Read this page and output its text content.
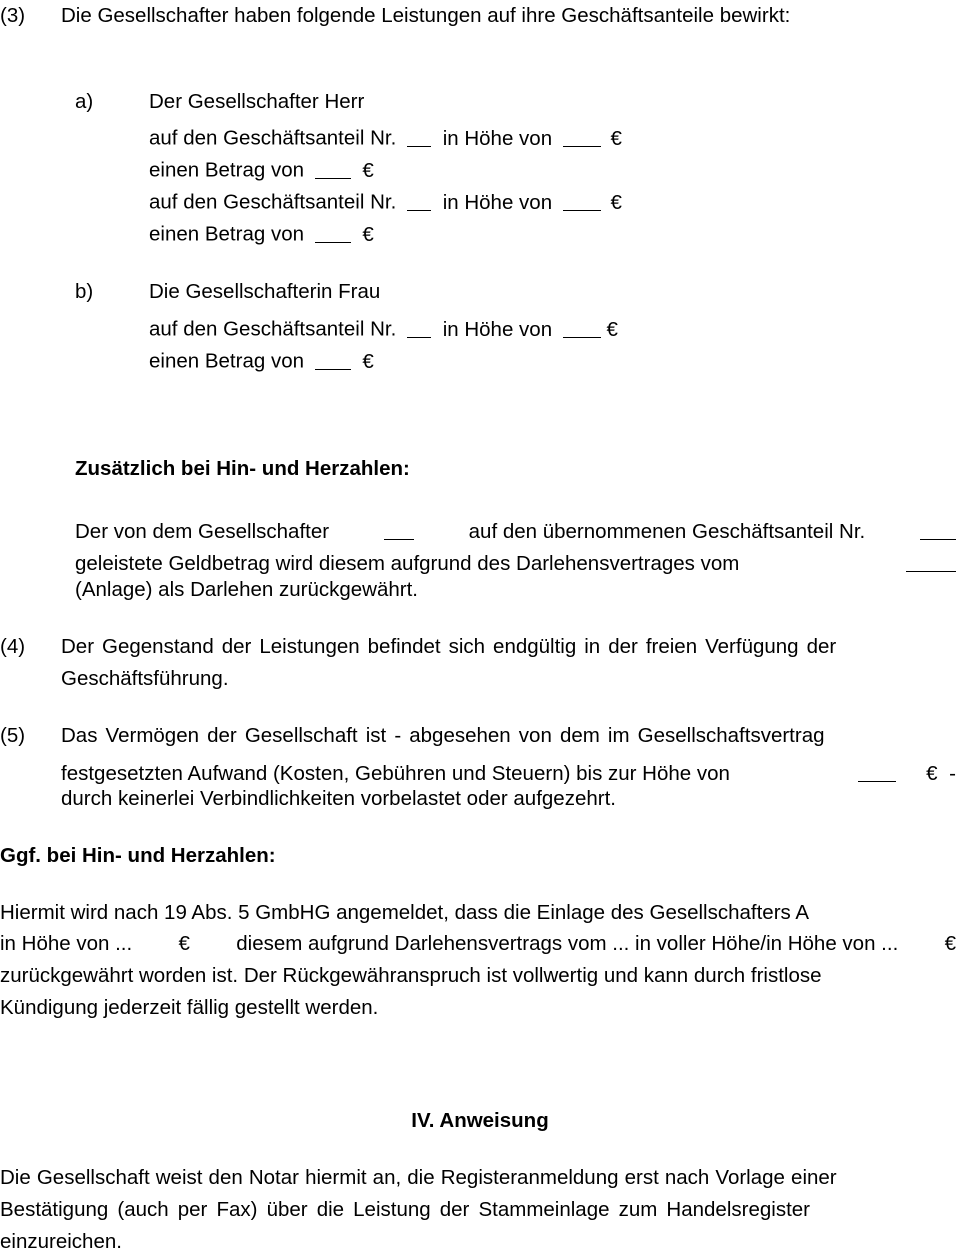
(3) Die Gesellschafter haben folgende Leistungen auf ihre Geschäftsanteile bewirkt:
a)	Der Gesellschafter Herr
auf den Geschäftsanteil Nr. in Höhe von	€
einen Betrag von	€
auf den Geschäftsanteil Nr. in Höhe von	€
einen Betrag von	€
b)	Die Gesellschafterin Frau
auf den Geschäftsanteil Nr. in Höhe von	€
einen Betrag von	€
Zusätzlich bei Hin- und Herzahlen:
Der von dem Gesellschafter	auf den übernommenen Geschäftsanteil Nr.
geleistete Geldbetrag wird diesem aufgrund des Darlehensvertrages vom
(Anlage) als Darlehen zurückgewährt.
(4) Der Gegenstand der Leistungen befindet sich endgültig in der freien Verfügung der
Geschäftsführung.
(5) Das Vermögen der Gesellschaft ist - abgesehen von dem im Gesellschaftsvertrag
festgesetzten Aufwand (Kosten, Gebühren und Steuern) bis zur Höhe von	€ -
durch keinerlei Verbindlichkeiten vorbelastet oder aufgezehrt.
Ggf. bei Hin- und Herzahlen:
Hiermit wird nach 19 Abs. 5 GmbHG angemeldet, dass die Einlage des Gesellschafters A
in Höhe von ... € diesem aufgrund Darlehensvertrags vom ... in voller Höhe/in Höhe von ... €
zurückgewährt worden ist. Der Rückgewähranspruch ist vollwertig und kann durch fristlose
Kündigung jederzeit fällig gestellt werden.
IV. Anweisung
Die Gesellschaft weist den Notar hiermit an, die Registeranmeldung erst nach Vorlage einer
Bestätigung (auch per Fax) über die Leistung der Stammeinlage zum Handelsregister
einzureichen.
